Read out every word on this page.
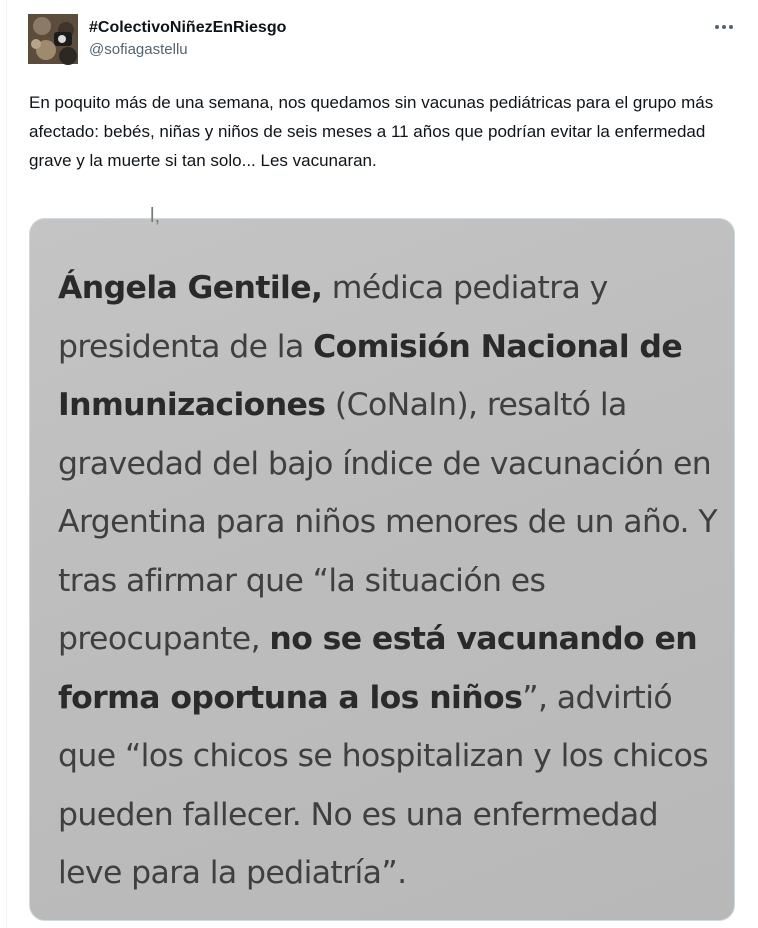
#ColectivoNiñezEnRiesgo
@sofiagastellu
En poquito más de una semana, nos quedamos sin vacunas pediátricas para el grupo más afectado: bebés, niñas y niños de seis meses a 11 años que podrían evitar la enfermedad grave y la muerte si tan solo... Les vacunaran.
l,
Ángela Gentile, médica pediatra y presidenta de la Comisión Nacional de Inmunizaciones (CoNaIn), resaltó la gravedad del bajo índice de vacunación en Argentina para niños menores de un año. Y tras afirmar que “la situación es preocupante, no se está vacunando en forma oportuna a los niños”, advirtió que “los chicos se hospitalizan y los chicos pueden fallecer. No es una enfermedad leve para la pediatría”.
